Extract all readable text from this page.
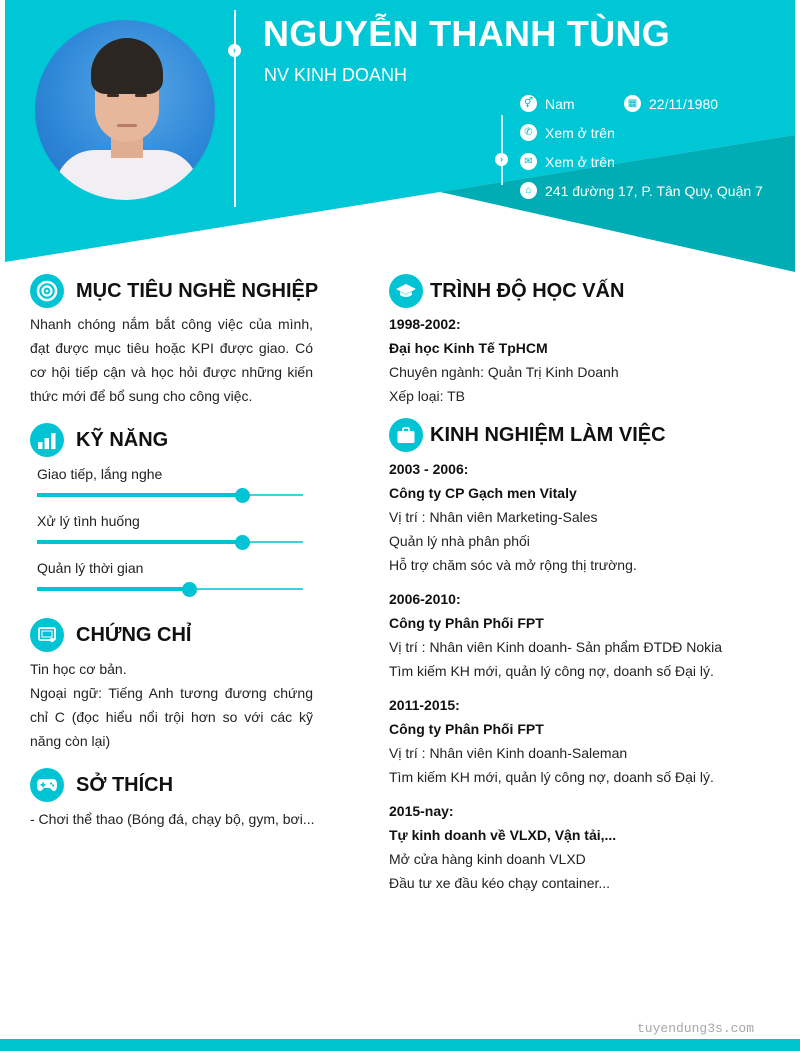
› NGUYỄN THANH TÙNG
NV KINH DOANH
›
⚥ Nam	▦ 22/11/1980
✆ Xem ở trên
✉ Xem ở trên
⌂ 241 đường 17, P. Tân Quy, Quận 7
MỤC TIÊU NGHỀ NGHIỆP
Nhanh chóng nắm bắt công việc của mình, đạt được mục tiêu hoặc KPI được giao. Có cơ hội tiếp cận và học hỏi được những kiến thức mới để bổ sung cho công việc.
KỸ NĂNG
Giao tiếp, lắng nghe
Xử lý tình huống
Quản lý thời gian
CHỨNG CHỈ
Tin học cơ bản.
Ngoại ngữ: Tiếng Anh tương đương chứng chỉ C (đọc hiểu nổi trội hơn so với các kỹ năng còn lại)
SỞ THÍCH
- Chơi thể thao (Bóng đá, chạy bộ, gym, bơi...
TRÌNH ĐỘ HỌC VẤN
1998-2002:
Đại học Kinh Tế TpHCM
Chuyên ngành: Quản Trị Kinh Doanh
Xếp loại: TB
KINH NGHIỆM LÀM VIỆC
2003 - 2006:
Công ty CP Gạch men Vitaly
Vị trí : Nhân viên Marketing-Sales
Quản lý nhà phân phối
Hỗ trợ chăm sóc và mở rộng thị trường.
2006-2010:
Công ty Phân Phối FPT
Vị trí : Nhân viên Kinh doanh- Sản phẩm ĐTDĐ Nokia
Tìm kiếm KH mới, quản lý công nợ, doanh số Đại lý.
2011-2015:
Công ty Phân Phối FPT
Vị trí : Nhân viên Kinh doanh-Saleman
Tìm kiếm KH mới, quản lý công nợ, doanh số Đại lý.
2015-nay:
Tự kinh doanh về VLXD, Vận tải,...
Mở cửa hàng kinh doanh VLXD
Đầu tư xe đầu kéo chạy container...
tuyendung3s.com
